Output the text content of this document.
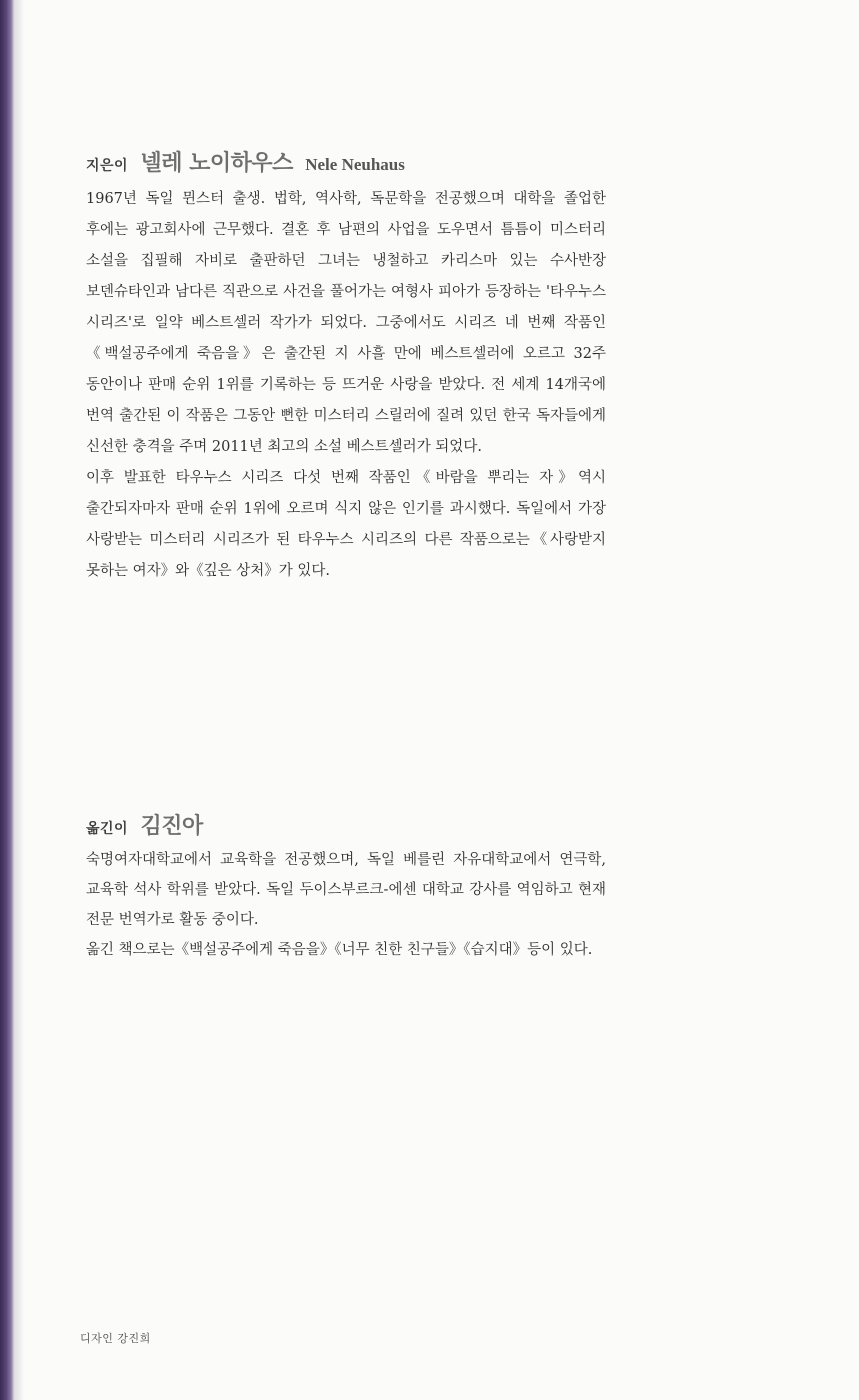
지은이 넬레 노이하우스 Nele Neuhaus

1967년 독일 뮌스터 출생. 법학, 역사학, 독문학을 전공했으며 대학을 졸업한 후에는 광고회사에 근무했다. 결혼 후 남편의 사업을 도우면서 틈틈이 미스터리 소설을 집필해 자비로 출판하던 그녀는 냉철하고 카리스마 있는 수사반장 보덴슈타인과 남다른 직관으로 사건을 풀어가는 여형사 피아가 등장하는 '타우누스 시리즈'로 일약 베스트셀러 작가가 되었다. 그중에서도 시리즈 네 번째 작품인《백설공주에게 죽음을》은 출간된 지 사흘 만에 베스트셀러에 오르고 32주 동안이나 판매 순위 1위를 기록하는 등 뜨거운 사랑을 받았다. 전 세계 14개국에 번역 출간된 이 작품은 그동안 뻔한 미스터리 스릴러에 질려 있던 한국 독자들에게 신선한 충격을 주며 2011년 최고의 소설 베스트셀러가 되었다.

이후 발표한 타우누스 시리즈 다섯 번째 작품인《바람을 뿌리는 자》역시 출간되자마자 판매 순위 1위에 오르며 식지 않은 인기를 과시했다. 독일에서 가장 사랑받는 미스터리 시리즈가 된 타우누스 시리즈의 다른 작품으로는《사랑받지 못하는 여자》와《깊은 상처》가 있다.

옮긴이 김진아

숙명여자대학교에서 교육학을 전공했으며, 독일 베를린 자유대학교에서 연극학, 교육학 석사 학위를 받았다. 독일 두이스부르크-에센 대학교 강사를 역임하고 현재 전문 번역가로 활동 중이다.

옮긴 책으로는《백설공주에게 죽음을》《너무 친한 친구들》《습지대》등이 있다.

디자인 강진희
